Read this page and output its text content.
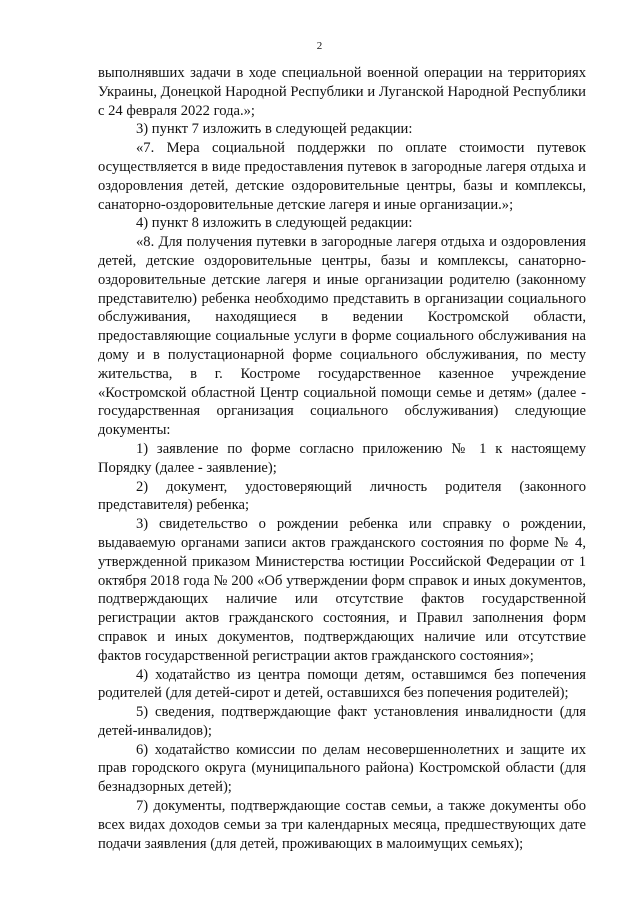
2

выполнявших задачи в ходе специальной военной операции на территориях Украины, Донецкой Народной Республики и Луганской Народной Республики с 24 февраля 2022 года.»;

3) пункт 7 изложить в следующей редакции:

«7. Мера социальной поддержки по оплате стоимости путевок осуществляется в виде предоставления путевок в загородные лагеря отдыха и оздоровления детей, детские оздоровительные центры, базы и комплексы, санаторно-оздоровительные детские лагеря и иные организации.»;

4) пункт 8 изложить в следующей редакции:

«8. Для получения путевки в загородные лагеря отдыха и оздоровления детей, детские оздоровительные центры, базы и комплексы, санаторно-оздоровительные детские лагеря и иные организации родителю (законному представителю) ребенка необходимо представить в организации социального обслуживания, находящиеся в ведении Костромской области, предоставляющие социальные услуги в форме социального обслуживания на дому и в полустационарной форме социального обслуживания, по месту жительства, в г. Костроме государственное казенное учреждение «Костромской областной Центр социальной помощи семье и детям» (далее - государственная организация социального обслуживания) следующие документы:

1) заявление по форме согласно приложению № 1 к настоящему Порядку (далее - заявление);

2) документ, удостоверяющий личность родителя (законного представителя) ребенка;

3) свидетельство о рождении ребенка или справку о рождении, выдаваемую органами записи актов гражданского состояния по форме № 4, утвержденной приказом Министерства юстиции Российской Федерации от 1 октября 2018 года № 200 «Об утверждении форм справок и иных документов, подтверждающих наличие или отсутствие фактов государственной регистрации актов гражданского состояния, и Правил заполнения форм справок и иных документов, подтверждающих наличие или отсутствие фактов государственной регистрации актов гражданского состояния»;

4) ходатайство из центра помощи детям, оставшимся без попечения родителей (для детей-сирот и детей, оставшихся без попечения родителей);

5) сведения, подтверждающие факт установления инвалидности (для детей-инвалидов);

6) ходатайство комиссии по делам несовершеннолетних и защите их прав городского округа (муниципального района) Костромской области (для безнадзорных детей);

7) документы, подтверждающие состав семьи, а также документы обо всех видах доходов семьи за три календарных месяца, предшествующих дате подачи заявления (для детей, проживающих в малоимущих семьях);
